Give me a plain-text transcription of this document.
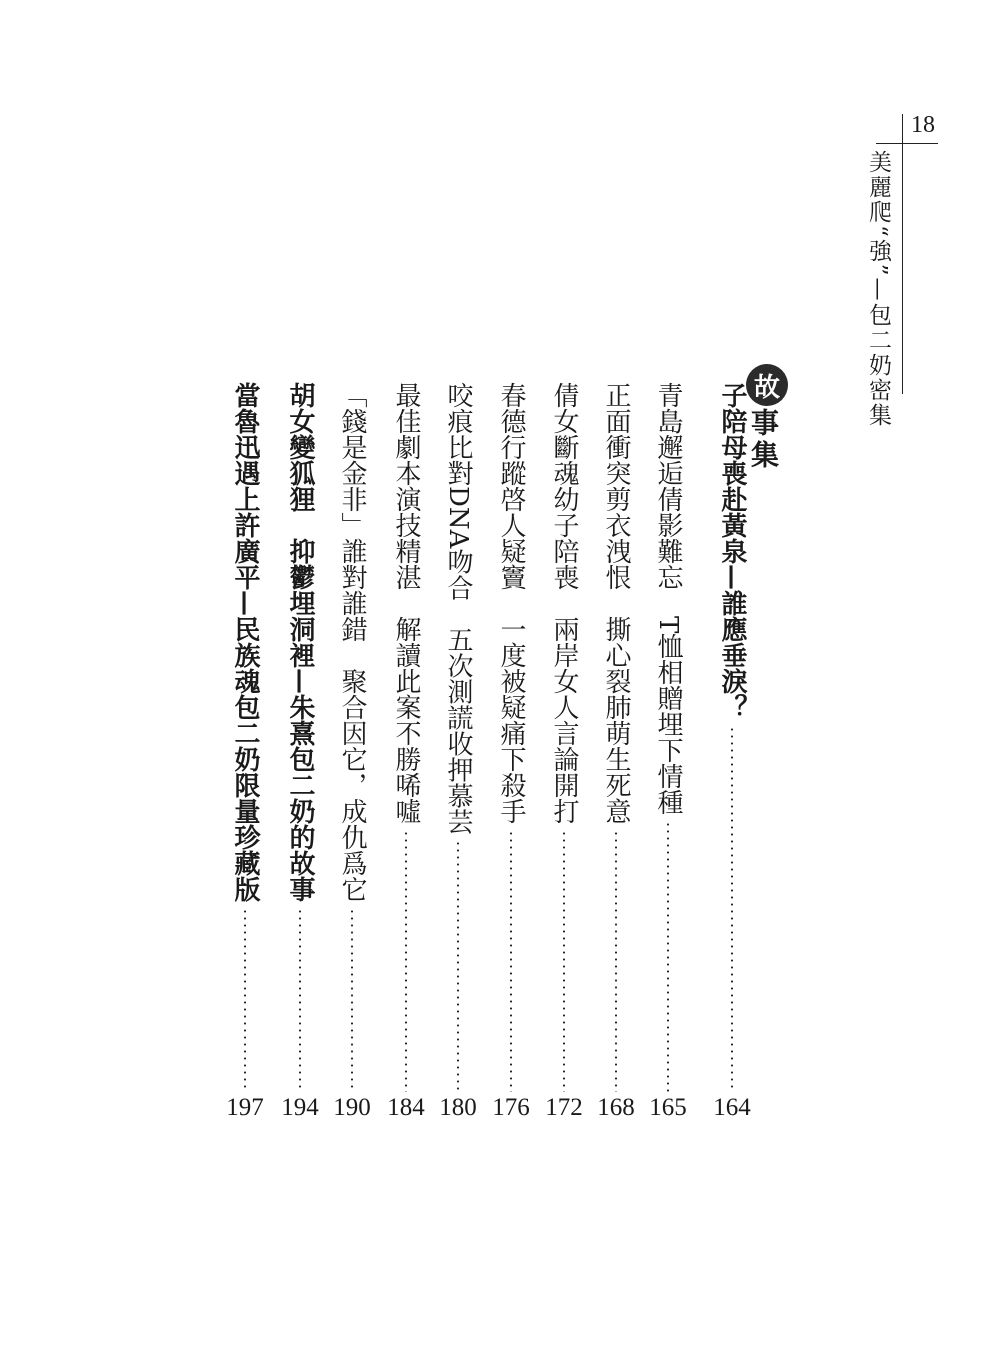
18
美麗爬“強”—包二奶密集
故
事集
子陪母喪赴黃泉—誰應垂淚？
164
青島邂逅倩影難忘　T恤相贈埋下情種
165
正面衝突剪衣洩恨　撕心裂肺萌生死意
168
倩女斷魂幼子陪喪　兩岸女人言論開打
172
春德行蹤啓人疑竇　一度被疑痛下殺手
176
咬痕比對DNA吻合　五次測謊收押慕芸
180
最佳劇本演技精湛　解讀此案不勝唏噓
184
「錢是金非」誰對誰錯　聚合因它，成仇爲它
190
胡女變狐狸　抑鬱埋洞裡—朱熹包二奶的故事
194
當魯迅遇上許廣平—民族魂包二奶限量珍藏版
197
